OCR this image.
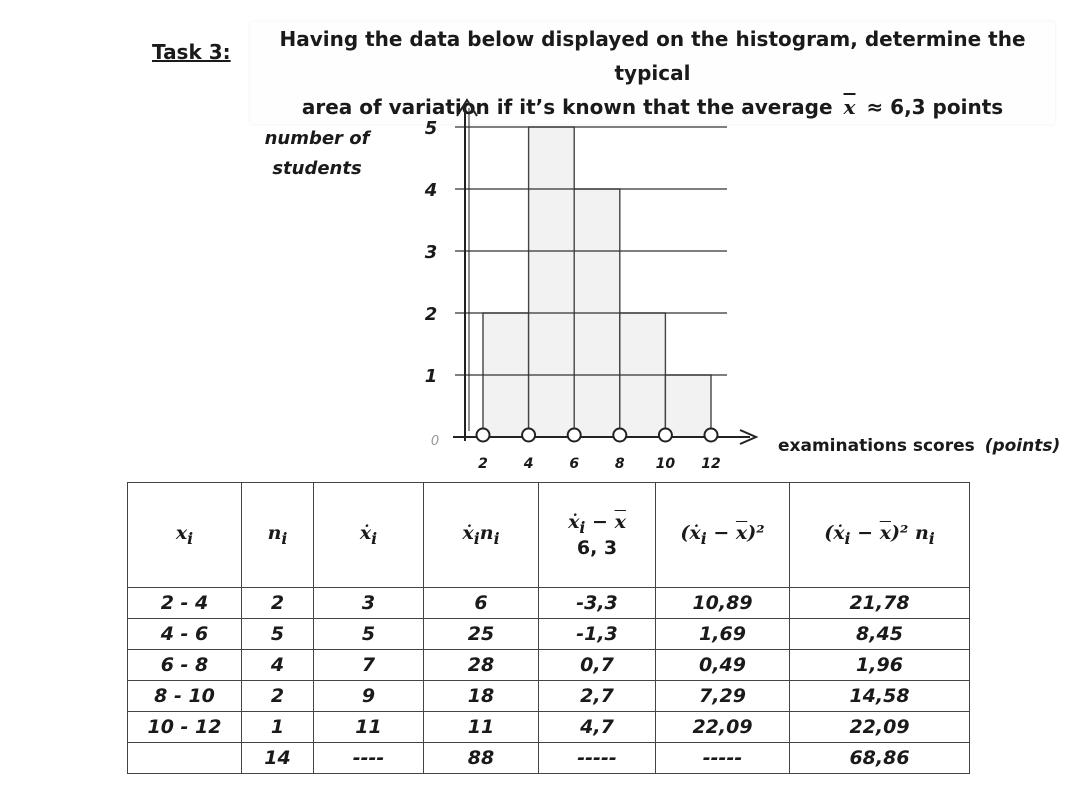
Task 3:
Having the data below displayed on the histogram, determine the typical
area of variation if it’s known that the average $\overline{x} \approx 6,3$ points
1
2
3
4
5
0
2	4	6	8 10 12
number of students
examinations scores (points)
$x_i$	$n_i$	ẋ$_i$	$ẋ_in_i$	ẋ$_i$ − $\overline{x}$
6, 3	(ẋ$_i$ − $\overline{x})^2$	(ẋ$_i$ − $\overline{x})^2$ $n_i$
2 - 4	2	3	6	-3,3	10,89	21,78
4 - 6	5	5	25	-1,3	1,69	8,45
6 - 8	4	7	28	0,7	0,49	1,96
8 - 10	2	9	18	2,7	7,29	14,58
10 - 12	1	11	11	4,7	22,09	22,09
	14	----	88	-----	-----	68,86
